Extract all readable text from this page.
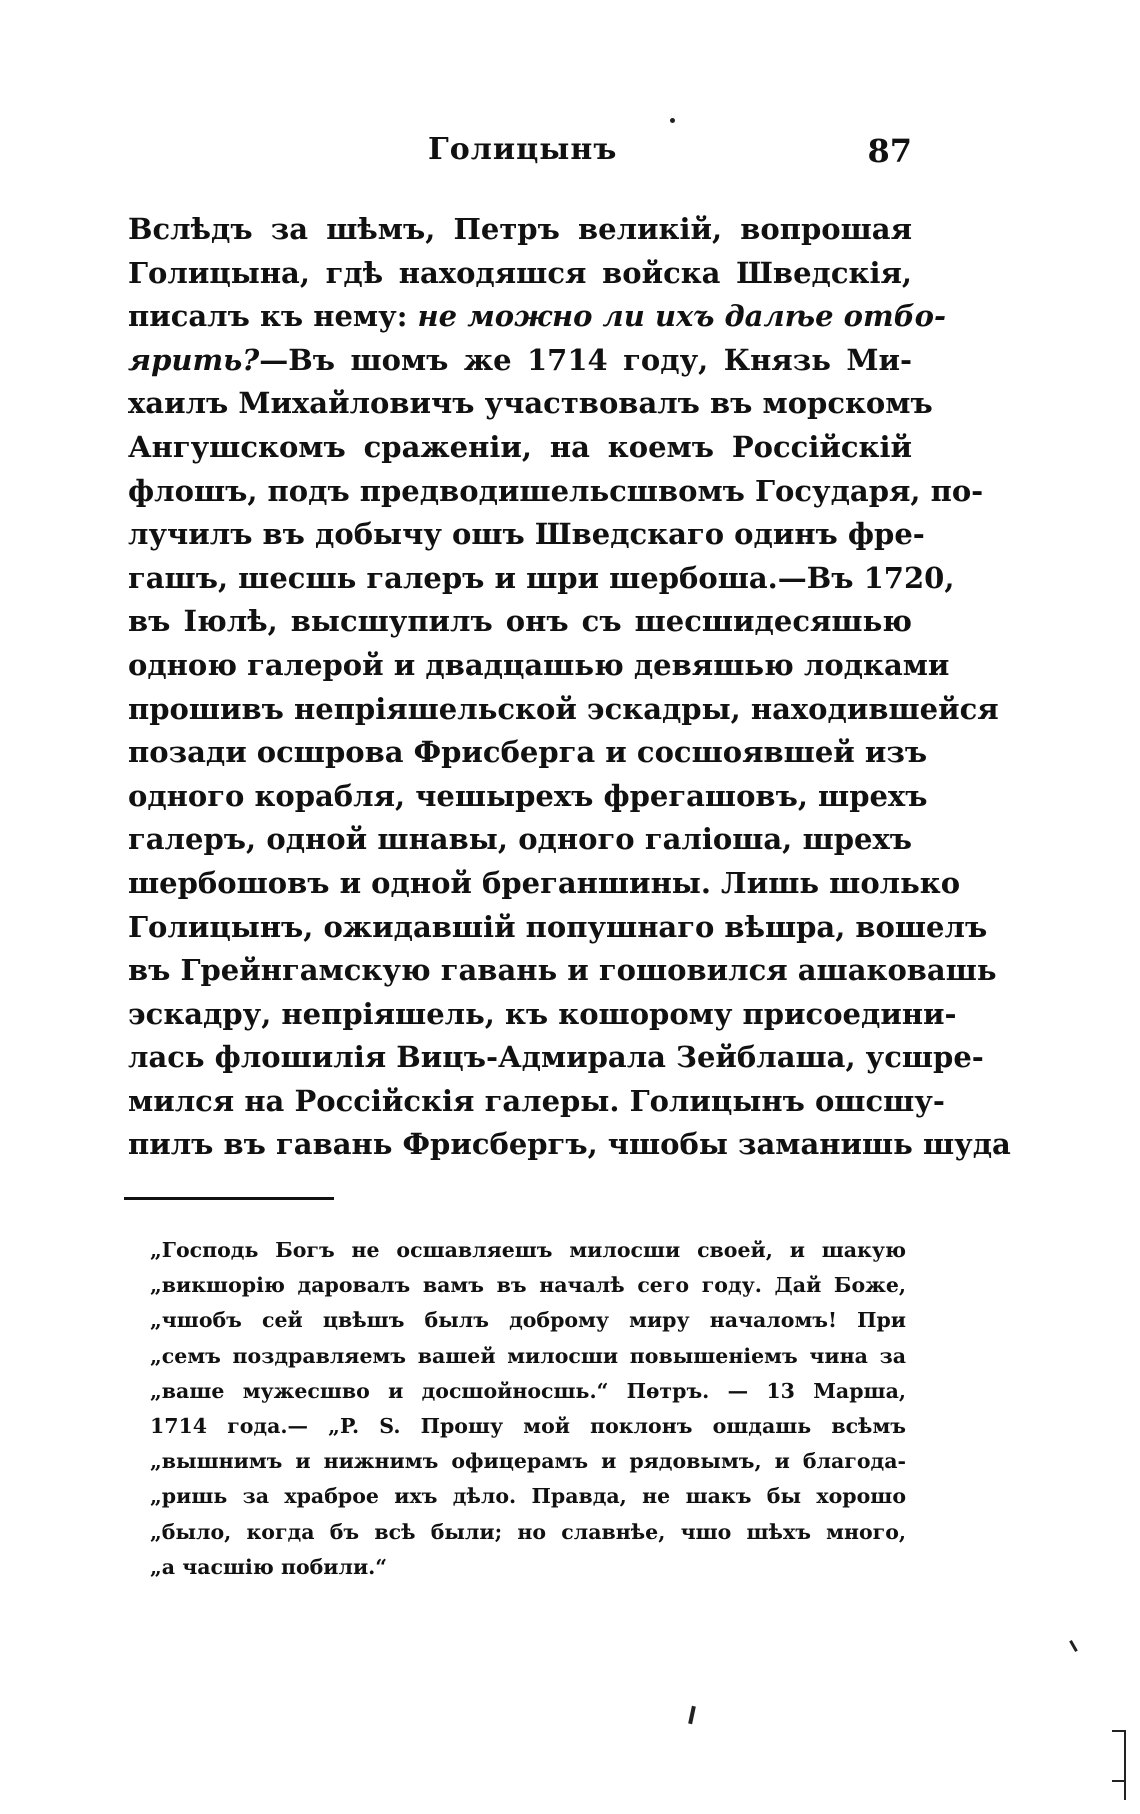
Голицынъ	87
Вслѣдъ за шѣмъ, Петръ великій, вопрошая
Голицына, гдѣ находяшся войска Шведскія,
писалъ къ нему: не можно ли ихъ далѣе отбо-
ярить?—Въ шомъ же 1714 году, Князь Ми-
хаилъ Михайловичъ участвовалъ въ морскомъ
Ангушскомъ сраженіи, на коемъ Россійскій
флошъ, подъ предводишельсшвомъ Государя, по-
лучилъ въ добычу ошъ Шведскаго одинъ фре-
гашъ, шесшь галеръ и шри шербоша.—Въ 1720,
въ Іюлѣ, высшупилъ онъ съ шесшидесяшью
одною галерой и двадцашью девяшью лодками
прошивъ непріяшельской эскадры, находившейся
позади осшрова Фрисберга и сосшоявшей изъ
одного корабля, чешырехъ фрегашовъ, шрехъ
галеръ, одной шнавы, одного галіоша, шрехъ
шербошовъ и одной бреганшины. Лишь шолько
Голицынъ, ожидавшій попушнаго вѣшра, вошелъ
въ Грейнгамскую гавань и гошовился ашаковашь
эскадру, непріяшель, къ кошорому присоедини-
лась флошилія Вицъ-Адмирала Зейблаша, усшре-
мился на Россійскія галеры. Голицынъ ошсшу-
пилъ въ гавань Фрисбергъ, чшобы заманишь шуда
„Господь Богъ не осшавляешъ милосши своей, и шакую
„викшорію даровалъ вамъ въ началѣ сего году. Дай Боже,
„чшобъ сей цвѣшъ былъ доброму миру началомъ! При
„семъ поздравляемъ вашей милосши повышеніемъ чина за
„ваше мужесшво и досшойносшь.“ Пѳтръ. — 13 Марша,
1714 года.— „P. S. Прошу мой поклонъ ошдашь всѣмъ
„вышнимъ и нижнимъ офицерамъ и рядовымъ, и благода-
„ришь за храброе ихъ дѣло. Правда, не шакъ бы хорошо
„было, когда бъ всѣ были; но славнѣе, чшо шѣхъ много,
„а часшію побили.“
